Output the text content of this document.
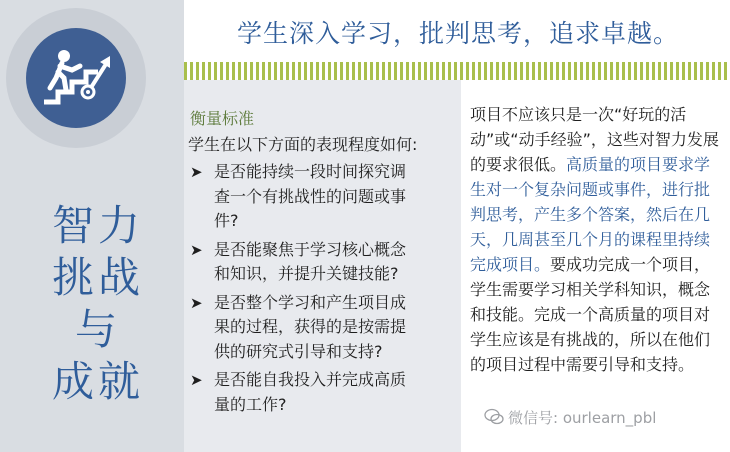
智力
挑战
与
成就
学生深入学习，批判思考，追求卓越。
衡量标准
学生在以下方面的表现程度如何:
➤ 是否能持续一段时间探究调
查一个有挑战性的问题或事
件?
➤ 是否能聚焦于学习核心概念
和知识，并提升关键技能?
➤ 是否整个学习和产生项目成
果的过程，获得的是按需提
供的研究式引导和支持?
➤ 是否能自我投入并完成高质
量的工作?
项目不应该只是一次“好玩的活动”或“动手经验”，这些对智力发展的要求很低。高质量的项目要求学生对一个复杂问题或事件，进行批判思考，产生多个答案，然后在几天，几周甚至几个月的课程里持续完成项目。要成功完成一个项目，学生需要学习相关学科知识，概念和技能。完成一个高质量的项目对学生应该是有挑战的，所以在他们的项目过程中需要引导和支持。
微信号: ourlearn_pbl
